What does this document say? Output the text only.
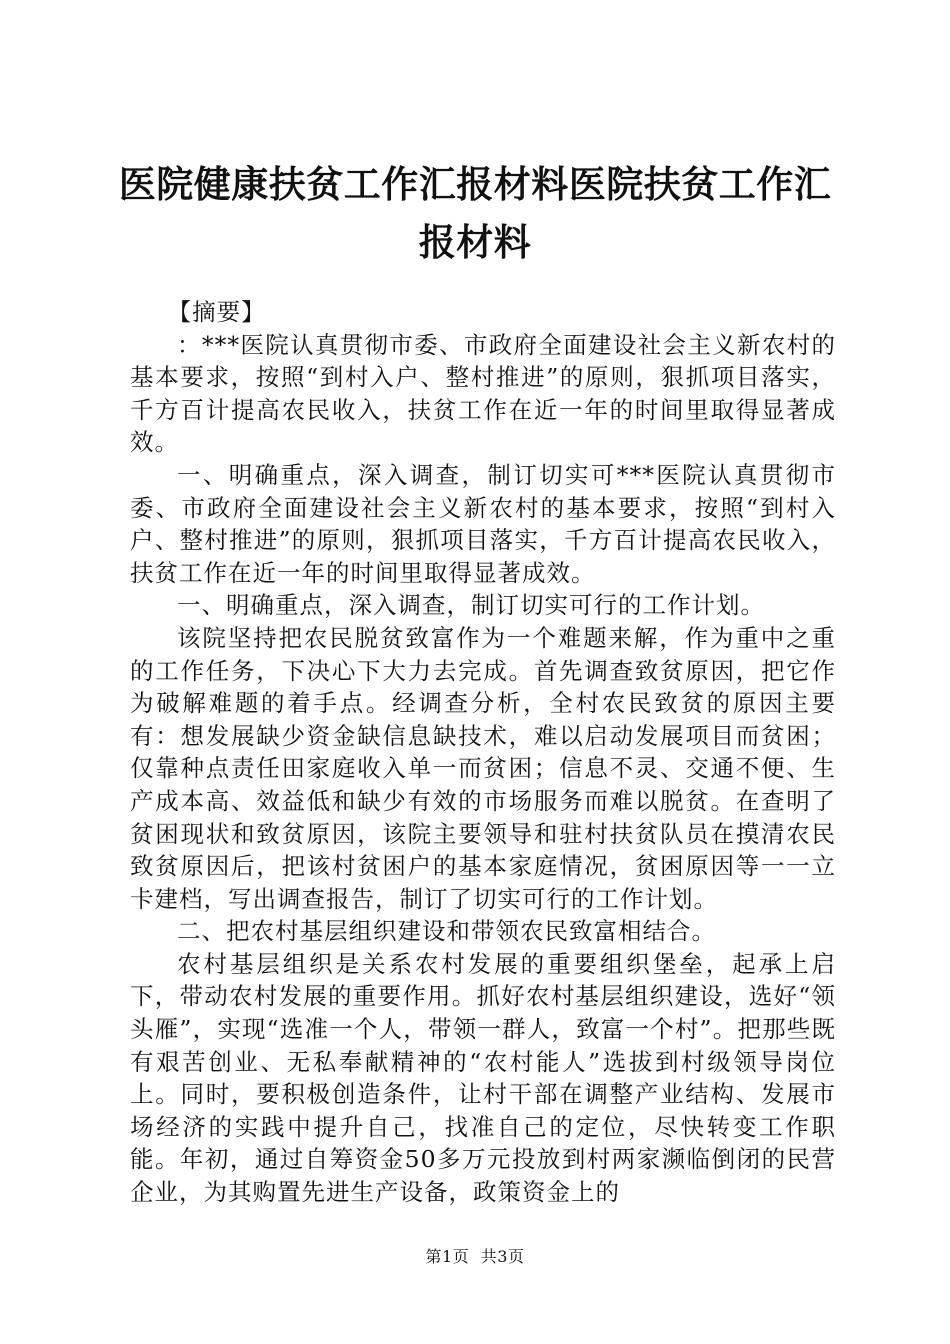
医院健康扶贫工作汇报材料医院扶贫工作汇报材料

【摘要】

：***医院认真贯彻市委、市政府全面建设社会主义新农村的基本要求，按照“到村入户、整村推进”的原则，狠抓项目落实，千方百计提高农民收入，扶贫工作在近一年的时间里取得显著成效。

一、明确重点，深入调查，制订切实可***医院认真贯彻市委、市政府全面建设社会主义新农村的基本要求，按照“到村入户、整村推进”的原则，狠抓项目落实，千方百计提高农民收入，扶贫工作在近一年的时间里取得显著成效。

一、明确重点，深入调查，制订切实可行的工作计划。

该院坚持把农民脱贫致富作为一个难题来解，作为重中之重的工作任务，下决心下大力去完成。首先调查致贫原因，把它作为破解难题的着手点。经调查分析，全村农民致贫的原因主要有：想发展缺少资金缺信息缺技术，难以启动发展项目而贫困；仅靠种点责任田家庭收入单一而贫困；信息不灵、交通不便、生产成本高、效益低和缺少有效的市场服务而难以脱贫。在查明了贫困现状和致贫原因，该院主要领导和驻村扶贫队员在摸清农民致贫原因后，把该村贫困户的基本家庭情况，贫困原因等一一立卡建档，写出调查报告，制订了切实可行的工作计划。

二、把农村基层组织建设和带领农民致富相结合。

农村基层组织是关系农村发展的重要组织堡垒，起承上启下，带动农村发展的重要作用。抓好农村基层组织建设，选好“领头雁”，实现“选准一个人，带领一群人，致富一个村”。把那些既有艰苦创业、无私奉献精神的“农村能人”选拔到村级领导岗位上。同时，要积极创造条件，让村干部在调整产业结构、发展市场经济的实践中提升自己，找准自己的定位，尽快转变工作职能。年初，通过自筹资金50多万元投放到村两家濒临倒闭的民营企业，为其购置先进生产设备，政策资金上的

第1页 共3页
